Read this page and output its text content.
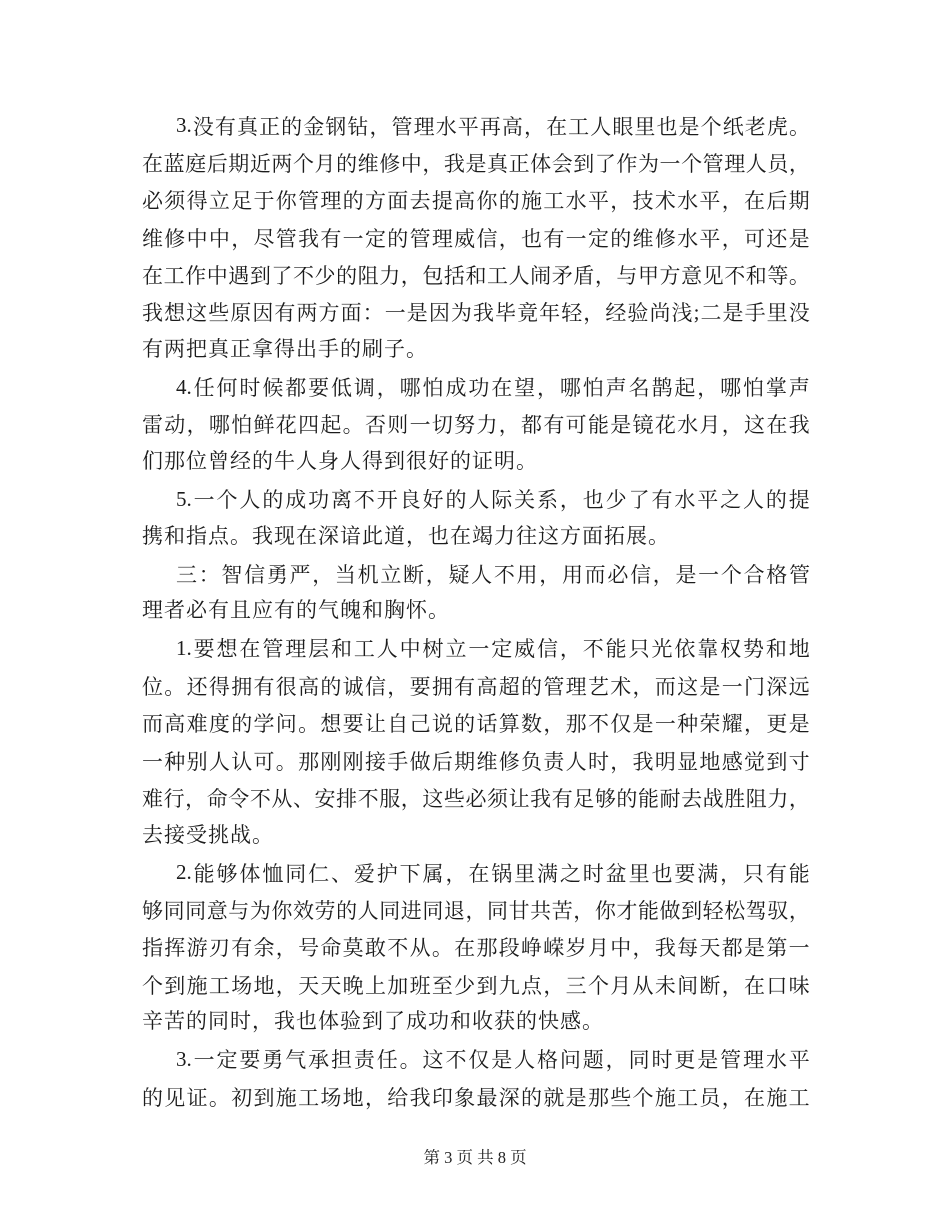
3. 没 有 真 正 的 金 钢 钻 ， 管 理 水 平 再 高 ， 在 工 人 眼 里 也 是 个 纸 老 虎 。
在 蓝 庭 后 期 近 两 个 月 的 维 修 中 ， 我 是 真 正 体 会 到 了 作 为 一 个 管 理 人 员 ，
必 须 得 立 足 于 你 管 理 的 方 面 去 提 高 你 的 施 工 水 平 ， 技 术 水 平 ， 在 后 期
维 修 中 中 ， 尽 管 我 有 一 定 的 管 理 威 信 ， 也 有 一 定 的 维 修 水 平 ， 可 还 是
在 工 作 中 遇 到 了 不 少 的 阻 力 ， 包 括 和 工 人 闹 矛 盾 ， 与 甲 方 意 见 不 和 等 。
我 想 这 些 原 因 有 两 方 面 ： 一 是 因 为 我 毕 竟 年 轻 ， 经 验 尚 浅 ; 二 是 手 里 没
有两把真正拿得出手的刷子。
4. 任 何 时 候 都 要 低 调 ， 哪 怕 成 功 在 望 ， 哪 怕 声 名 鹊 起 ， 哪 怕 掌 声
雷 动 ， 哪 怕 鲜 花 四 起 。 否 则 一 切 努 力 ， 都 有 可 能 是 镜 花 水 月 ， 这 在 我
们那位曾经的牛人身人得到很好的证明。
5. 一 个 人 的 成 功 离 不 开 良 好 的 人 际 关 系 ， 也 少 了 有 水 平 之 人 的 提
携和指点。我现在深谙此道，也在竭力往这方面拓展。
三 ： 智 信 勇 严 ， 当 机 立 断 ， 疑 人 不 用 ， 用 而 必 信 ， 是 一 个 合 格 管
理者必有且应有的气魄和胸怀。
1. 要 想 在 管 理 层 和 工 人 中 树 立 一 定 威 信 ， 不 能 只 光 依 靠 权 势 和 地
位 。 还 得 拥 有 很 高 的 诚 信 ， 要 拥 有 高 超 的 管 理 艺 术 ， 而 这 是 一 门 深 远
而 高 难 度 的 学 问 。 想 要 让 自 己 说 的 话 算 数 ， 那 不 仅 是 一 种 荣 耀 ， 更 是
一 种 别 人 认 可 。 那 刚 刚 接 手 做 后 期 维 修 负 责 人 时 ， 我 明 显 地 感 觉 到 寸
难 行 ， 命 令 不 从 、 安 排 不 服 ， 这 些 必 须 让 我 有 足 够 的 能 耐 去 战 胜 阻 力 ，
去接受挑战。
2. 能 够 体 恤 同 仁 、 爱 护 下 属 ， 在 锅 里 满 之 时 盆 里 也 要 满 ， 只 有 能
够 同 同 意 与 为 你 效 劳 的 人 同 进 同 退 ， 同 甘 共 苦 ， 你 才 能 做 到 轻 松 驾 驭 ，
指 挥 游 刃 有 余 ， 号 命 莫 敢 不 从 。 在 那 段 峥 嵘 岁 月 中 ， 我 每 天 都 是 第 一
个 到 施 工 场 地 ， 天 天 晚 上 加 班 至 少 到 九 点 ， 三 个 月 从 未 间 断 ， 在 口 味
辛苦的同时，我也体验到了成功和收获的快感。
3. 一 定 要 勇 气 承 担 责 任 。 这 不 仅 是 人 格 问 题 ， 同 时 更 是 管 理 水 平
的 见 证 。 初 到 施 工 场 地 ， 给 我 印 象 最 深 的 就 是 那 些 个 施 工 员 ， 在 施 工
第 3 页 共 8 页
